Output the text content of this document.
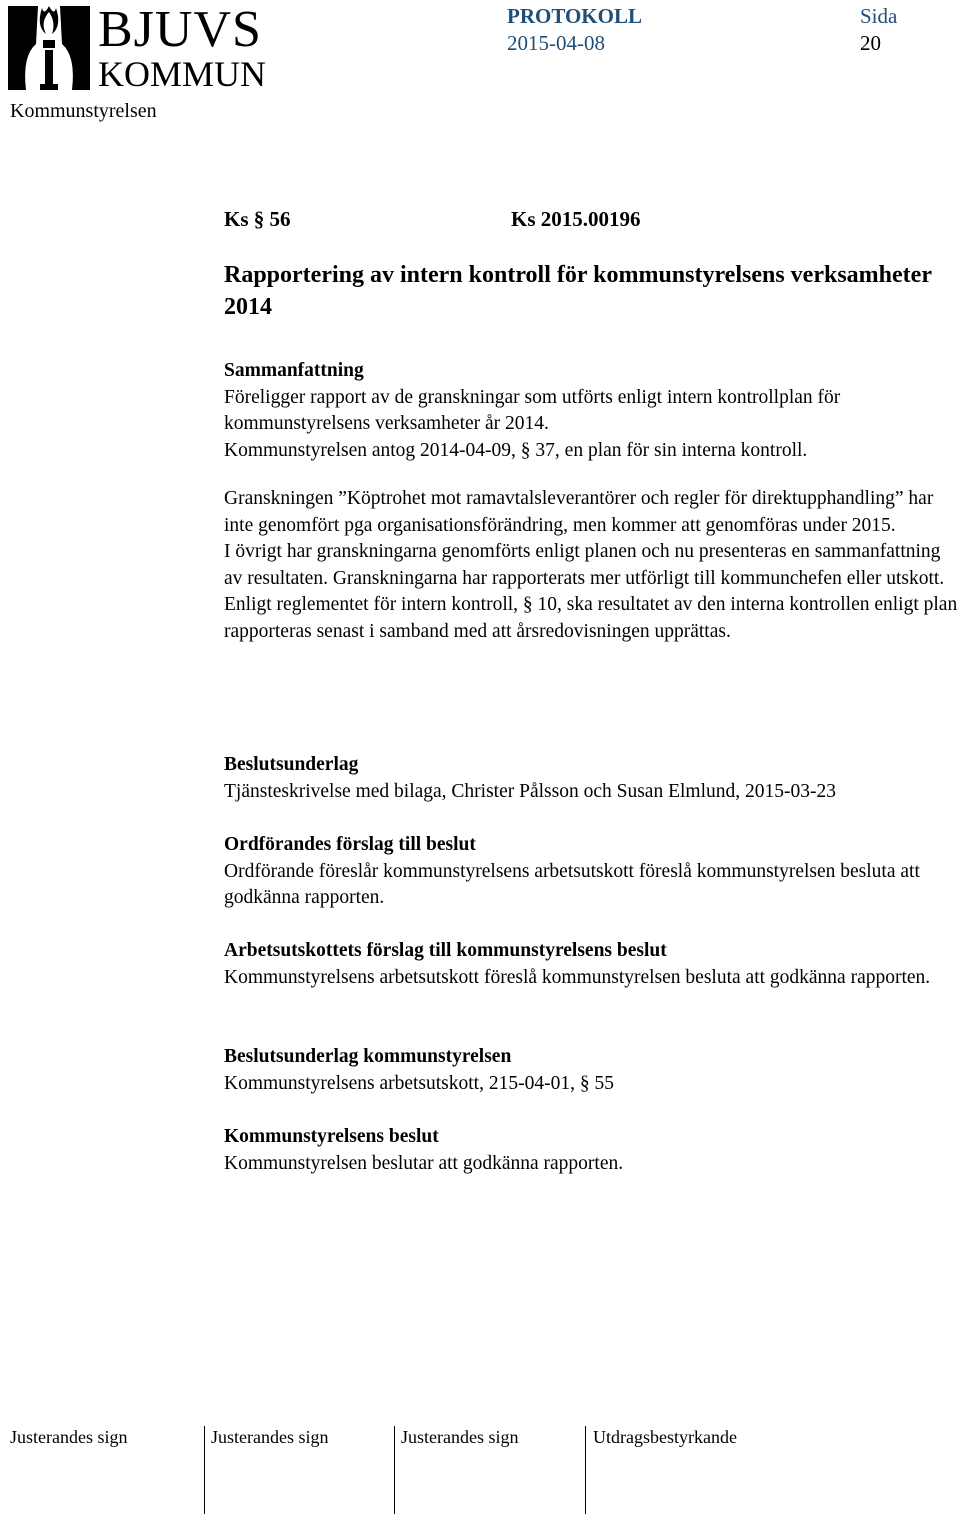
BJUVS
KOMMUN
Kommunstyrelsen
PROTOKOLL
2015-04-08
Sida
20
Ks § 56	Ks 2015.00196
Rapportering av intern kontroll för kommunstyrelsens verksamheter 2014
Sammanfattning
Föreligger rapport av de granskningar som utförts enligt intern kontrollplan för kommunstyrelsens verksamheter år 2014.
Kommunstyrelsen antog 2014-04-09, § 37, en plan för sin interna kontroll.
Granskningen ”Köptrohet mot ramavtalsleverantörer och regler för direktupphandling” har inte genomfört pga organisationsförändring, men kommer att genomföras under 2015.
I övrigt har granskningarna genomförts enligt planen och nu presenteras en sammanfattning av resultaten. Granskningarna har rapporterats mer utförligt till kommunchefen eller utskott.
Enligt reglementet för intern kontroll, § 10, ska resultatet av den interna kontrollen enligt plan rapporteras senast i samband med att årsredovisningen upprättas.
Beslutsunderlag
Tjänsteskrivelse med bilaga, Christer Pålsson och Susan Elmlund, 2015-03-23
Ordförandes förslag till beslut
Ordförande föreslår kommunstyrelsens arbetsutskott föreslå kommunstyrelsen besluta att godkänna rapporten.
Arbetsutskottets förslag till kommunstyrelsens beslut
Kommunstyrelsens arbetsutskott föreslå kommunstyrelsen besluta att godkänna rapporten.
Beslutsunderlag kommunstyrelsen
Kommunstyrelsens arbetsutskott, 215-04-01, § 55
Kommunstyrelsens beslut
Kommunstyrelsen beslutar att godkänna rapporten.
Justerandes sign	Justerandes sign	Justerandes sign	Utdragsbestyrkande
